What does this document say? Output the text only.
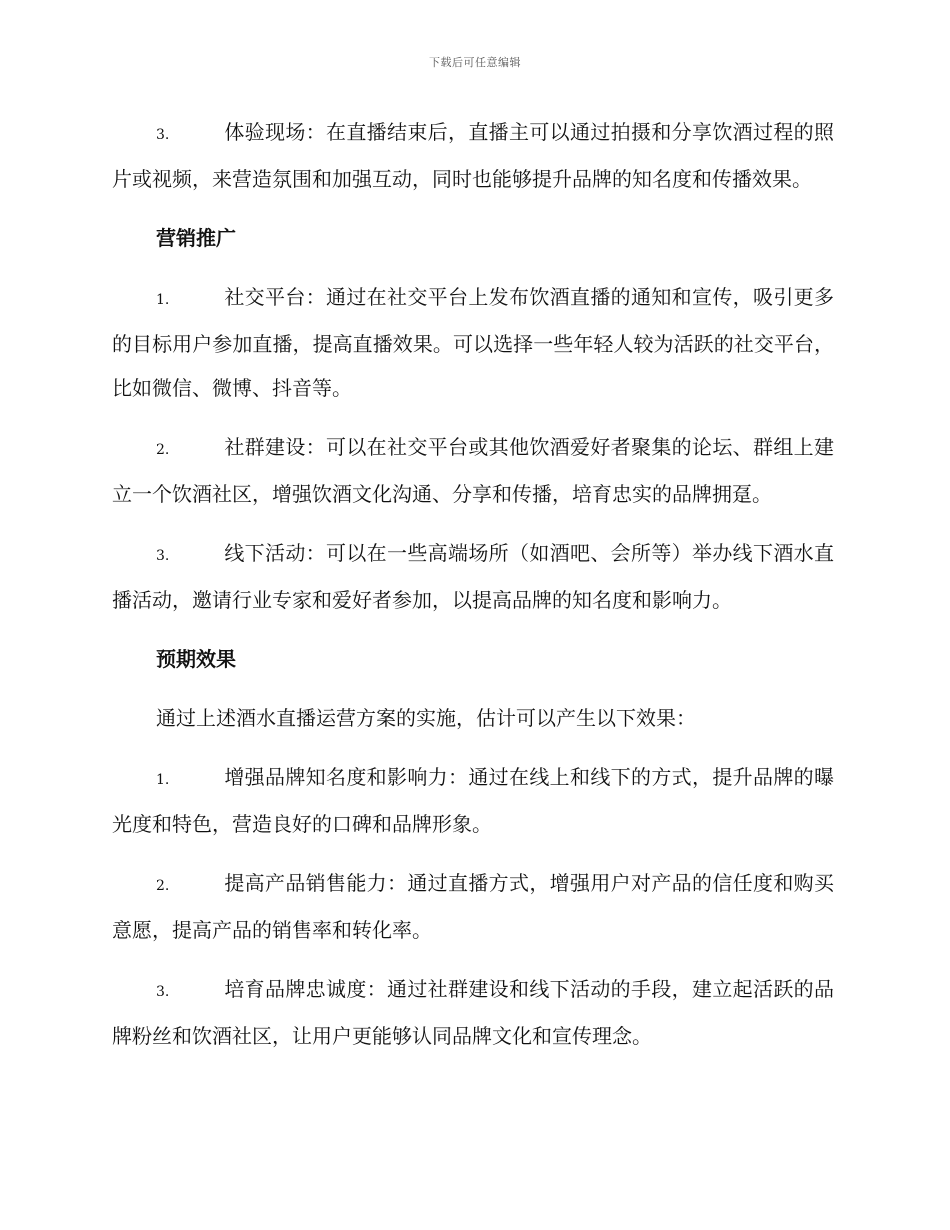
下载后可任意编辑

3.	体验现场：在直播结束后，直播主可以通过拍摄和分享饮酒过程的照片或视频，来营造氛围和加强互动，同时也能够提升品牌的知名度和传播效果。

营销推广

1.	社交平台：通过在社交平台上发布饮酒直播的通知和宣传，吸引更多的目标用户参加直播，提高直播效果。可以选择一些年轻人较为活跃的社交平台，比如微信、微博、抖音等。

2.	社群建设：可以在社交平台或其他饮酒爱好者聚集的论坛、群组上建立一个饮酒社区，增强饮酒文化沟通、分享和传播，培育忠实的品牌拥趸。

3.	线下活动：可以在一些高端场所（如酒吧、会所等）举办线下酒水直播活动，邀请行业专家和爱好者参加，以提高品牌的知名度和影响力。

预期效果

通过上述酒水直播运营方案的实施，估计可以产生以下效果：

1.	增强品牌知名度和影响力：通过在线上和线下的方式，提升品牌的曝光度和特色，营造良好的口碑和品牌形象。

2.	提高产品销售能力：通过直播方式，增强用户对产品的信任度和购买意愿，提高产品的销售率和转化率。

3.	培育品牌忠诚度：通过社群建设和线下活动的手段，建立起活跃的品牌粉丝和饮酒社区，让用户更能够认同品牌文化和宣传理念。
